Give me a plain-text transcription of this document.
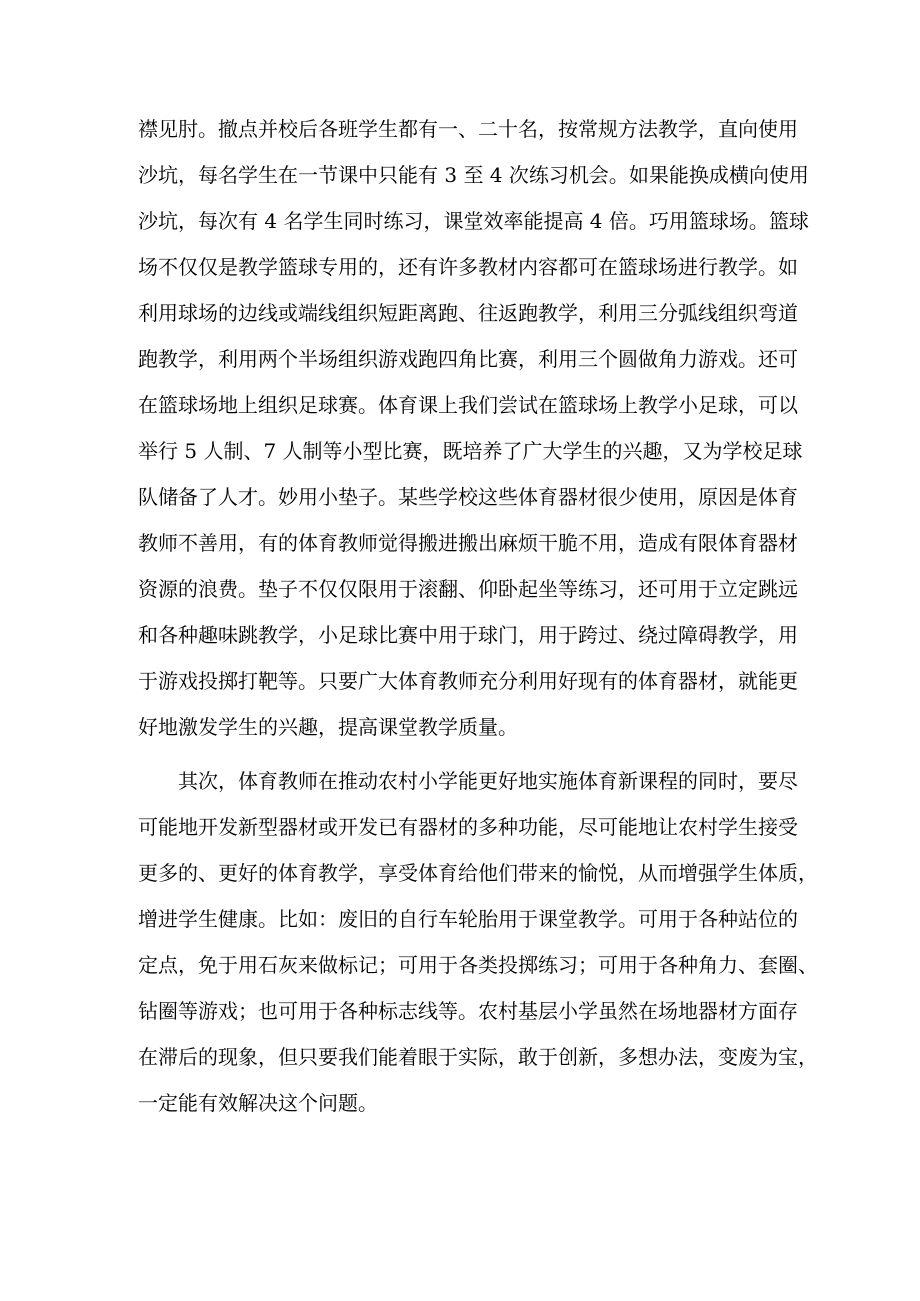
襟见肘。撤点并校后各班学生都有一、二十名，按常规方法教学，直向使用
沙坑，每名学生在一节课中只能有 3 至 4 次练习机会。如果能换成横向使用
沙坑，每次有 4 名学生同时练习，课堂效率能提高 4 倍。巧用篮球场。篮球
场不仅仅是教学篮球专用的，还有许多教材内容都可在篮球场进行教学。如
利用球场的边线或端线组织短距离跑、往返跑教学，利用三分弧线组织弯道
跑教学，利用两个半场组织游戏跑四角比赛，利用三个圆做角力游戏。还可
在篮球场地上组织足球赛。体育课上我们尝试在篮球场上教学小足球，可以
举行 5 人制、7 人制等小型比赛，既培养了广大学生的兴趣，又为学校足球
队储备了人才。妙用小垫子。某些学校这些体育器材很少使用，原因是体育
教师不善用，有的体育教师觉得搬进搬出麻烦干脆不用，造成有限体育器材
资源的浪费。垫子不仅仅限用于滚翻、仰卧起坐等练习，还可用于立定跳远
和各种趣味跳教学，小足球比赛中用于球门，用于跨过、绕过障碍教学，用
于游戏投掷打靶等。只要广大体育教师充分利用好现有的体育器材，就能更
好地激发学生的兴趣，提高课堂教学质量。
其次，体育教师在推动农村小学能更好地实施体育新课程的同时，要尽
可能地开发新型器材或开发已有器材的多种功能，尽可能地让农村学生接受
更多的、更好的体育教学，享受体育给他们带来的愉悦，从而增强学生体质，
增进学生健康。比如：废旧的自行车轮胎用于课堂教学。可用于各种站位的
定点，免于用石灰来做标记；可用于各类投掷练习；可用于各种角力、套圈、
钻圈等游戏；也可用于各种标志线等。农村基层小学虽然在场地器材方面存
在滞后的现象，但只要我们能着眼于实际，敢于创新，多想办法，变废为宝，
一定能有效解决这个问题。
